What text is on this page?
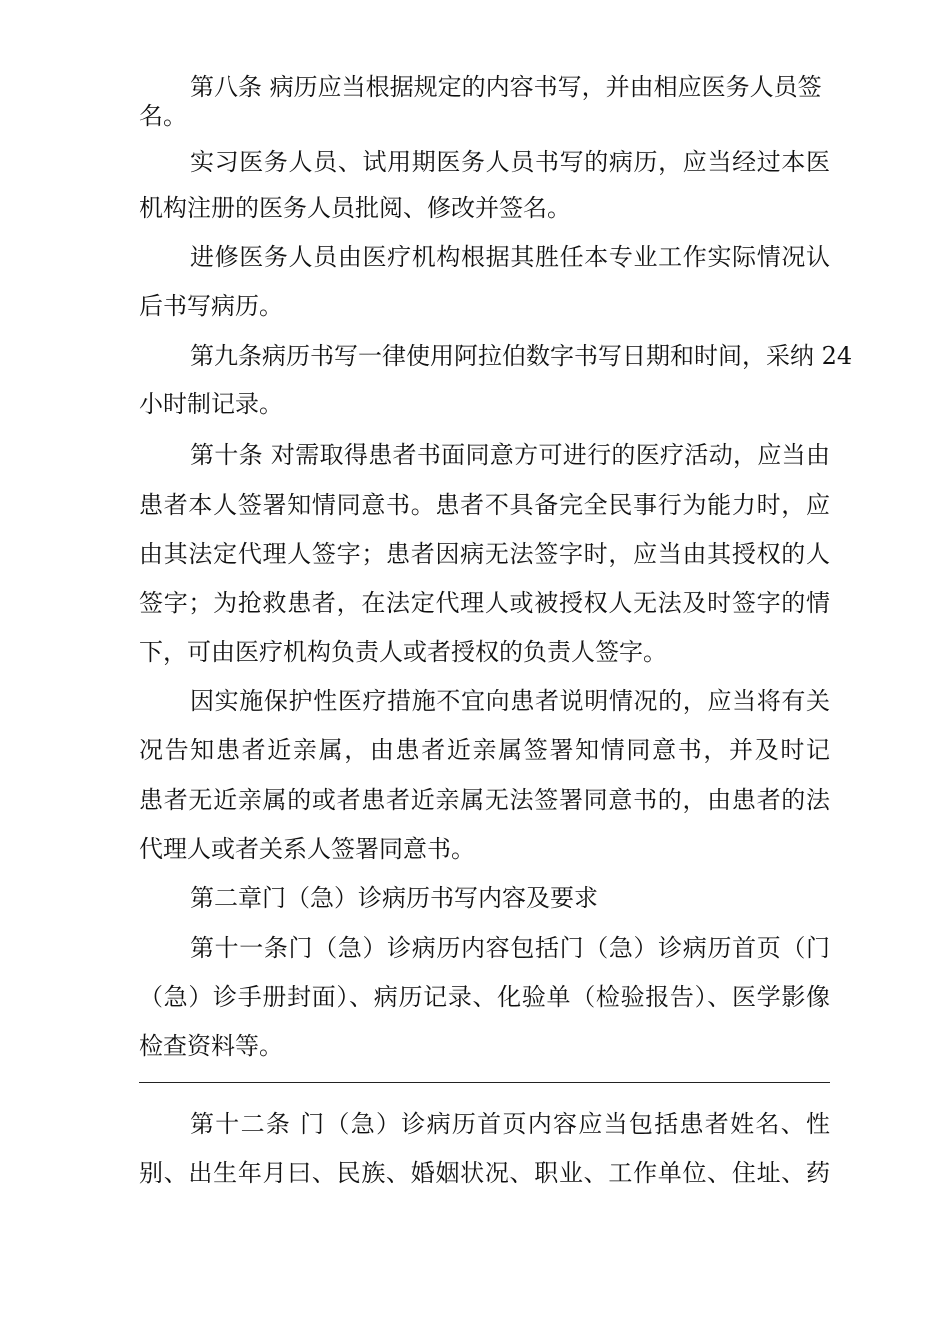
第八条 病历应当根据规定的内容书写，并由相应医务人员签

名。

实习医务人员、试用期医务人员书写的病历，应当经过本医

机构注册的医务人员批阅、修改并签名。

进修医务人员由医疗机构根据其胜任本专业工作实际情况认

后书写病历。

第九条病历书写一律使用阿拉伯数字书写日期和时间，采纳 24

小时制记录。

第十条 对需取得患者书面同意方可进行的医疗活动，应当由

患者本人签署知情同意书。患者不具备完全民事行为能力时，应

由其法定代理人签字；患者因病无法签字时，应当由其授权的人

签字；为抢救患者，在法定代理人或被授权人无法及时签字的情

下，可由医疗机构负责人或者授权的负责人签字。

因实施保护性医疗措施不宜向患者说明情况的，应当将有关

况告知患者近亲属，由患者近亲属签署知情同意书，并及时记

患者无近亲属的或者患者近亲属无法签署同意书的，由患者的法

代理人或者关系人签署同意书。

第二章门（急）诊病历书写内容及要求

第十一条门（急）诊病历内容包括门（急）诊病历首页（门

（急）诊手册封面）、病历记录、化验单（检验报告）、医学影像

检查资料等。

第十二条 门（急）诊病历首页内容应当包括患者姓名、性

别、出生年月曰、民族、婚姻状况、职业、工作单位、住址、药
